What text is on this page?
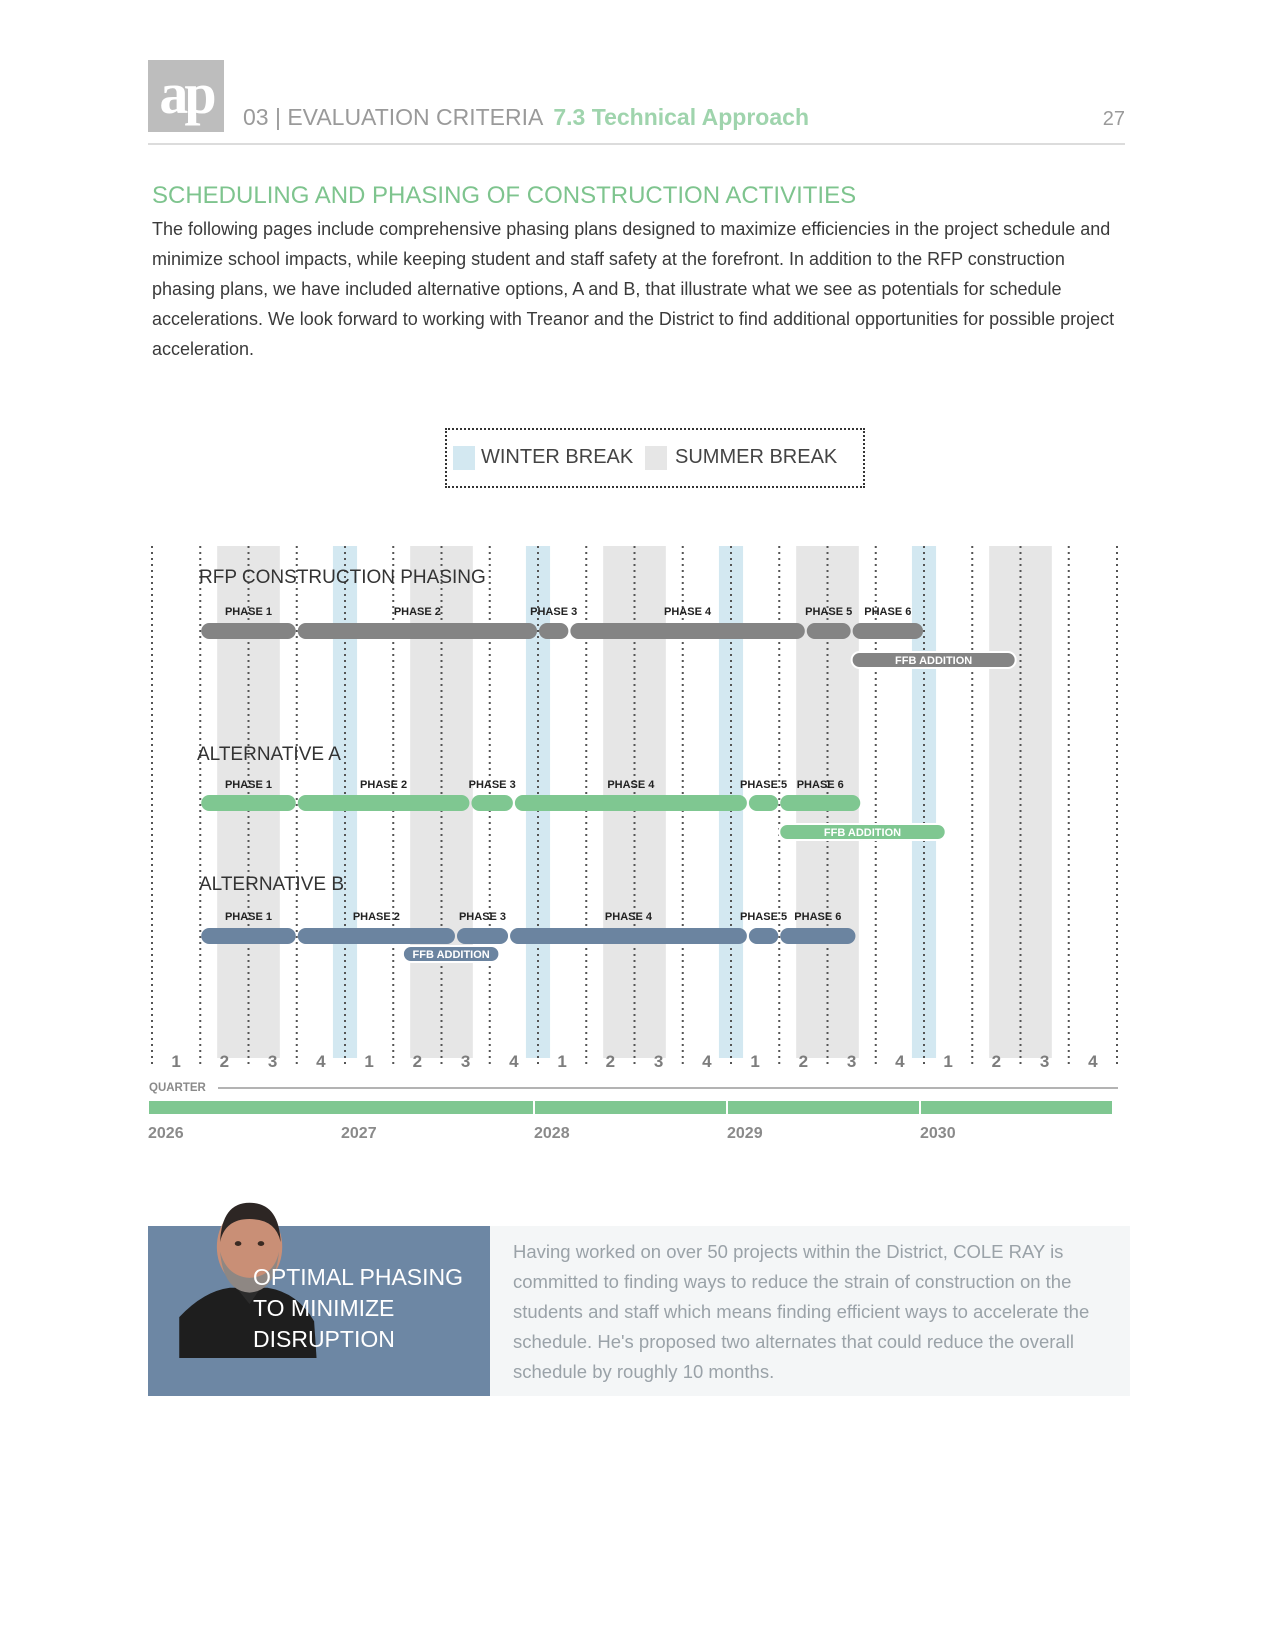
ap	03 | EVALUATION CRITERIA 7.3 Technical Approach	27
SCHEDULING AND PHASING OF CONSTRUCTION ACTIVITIES
The following pages include comprehensive phasing plans designed to maximize efficiencies in the project schedule and minimize school impacts, while keeping student and staff safety at the forefront. In addition to the RFP construction phasing plans, we have included alternative options, A and B, that illustrate what we see as potentials for schedule accelerations. We look forward to working with Treanor and the District to find additional opportunities for possible project acceleration.
WINTER BREAK SUMMER BREAK
1 2 3 4 1 2 3 4 1 2 3 4 1 2 3 4 1 2 3 4
QUARTER
2026	2027	2028	2029	2030
RFP CONSTRUCTION PHASING
PHASE 1	PHASE 2	PHASE 3	PHASE 4	PHASE 5 PHASE 6
FFB ADDITION
ALTERNATIVE A
PHASE 1	PHASE 2	PHASE 3	PHASE 4	PHASE 5 PHASE 6
FFB ADDITION
ALTERNATIVE B
PHASE 1	PHASE 2	PHASE 3	PHASE 4	PHASE 5 PHASE 6
FFB ADDITION
OPTIMAL PHASING
TO MINIMIZE
DISRUPTION
Having worked on over 50 projects within the District, COLE RAY is committed to finding ways to reduce the strain of construction on the students and staff which means finding efficient ways to accelerate the schedule. He's proposed two alternates that could reduce the overall schedule by roughly 10 months.
